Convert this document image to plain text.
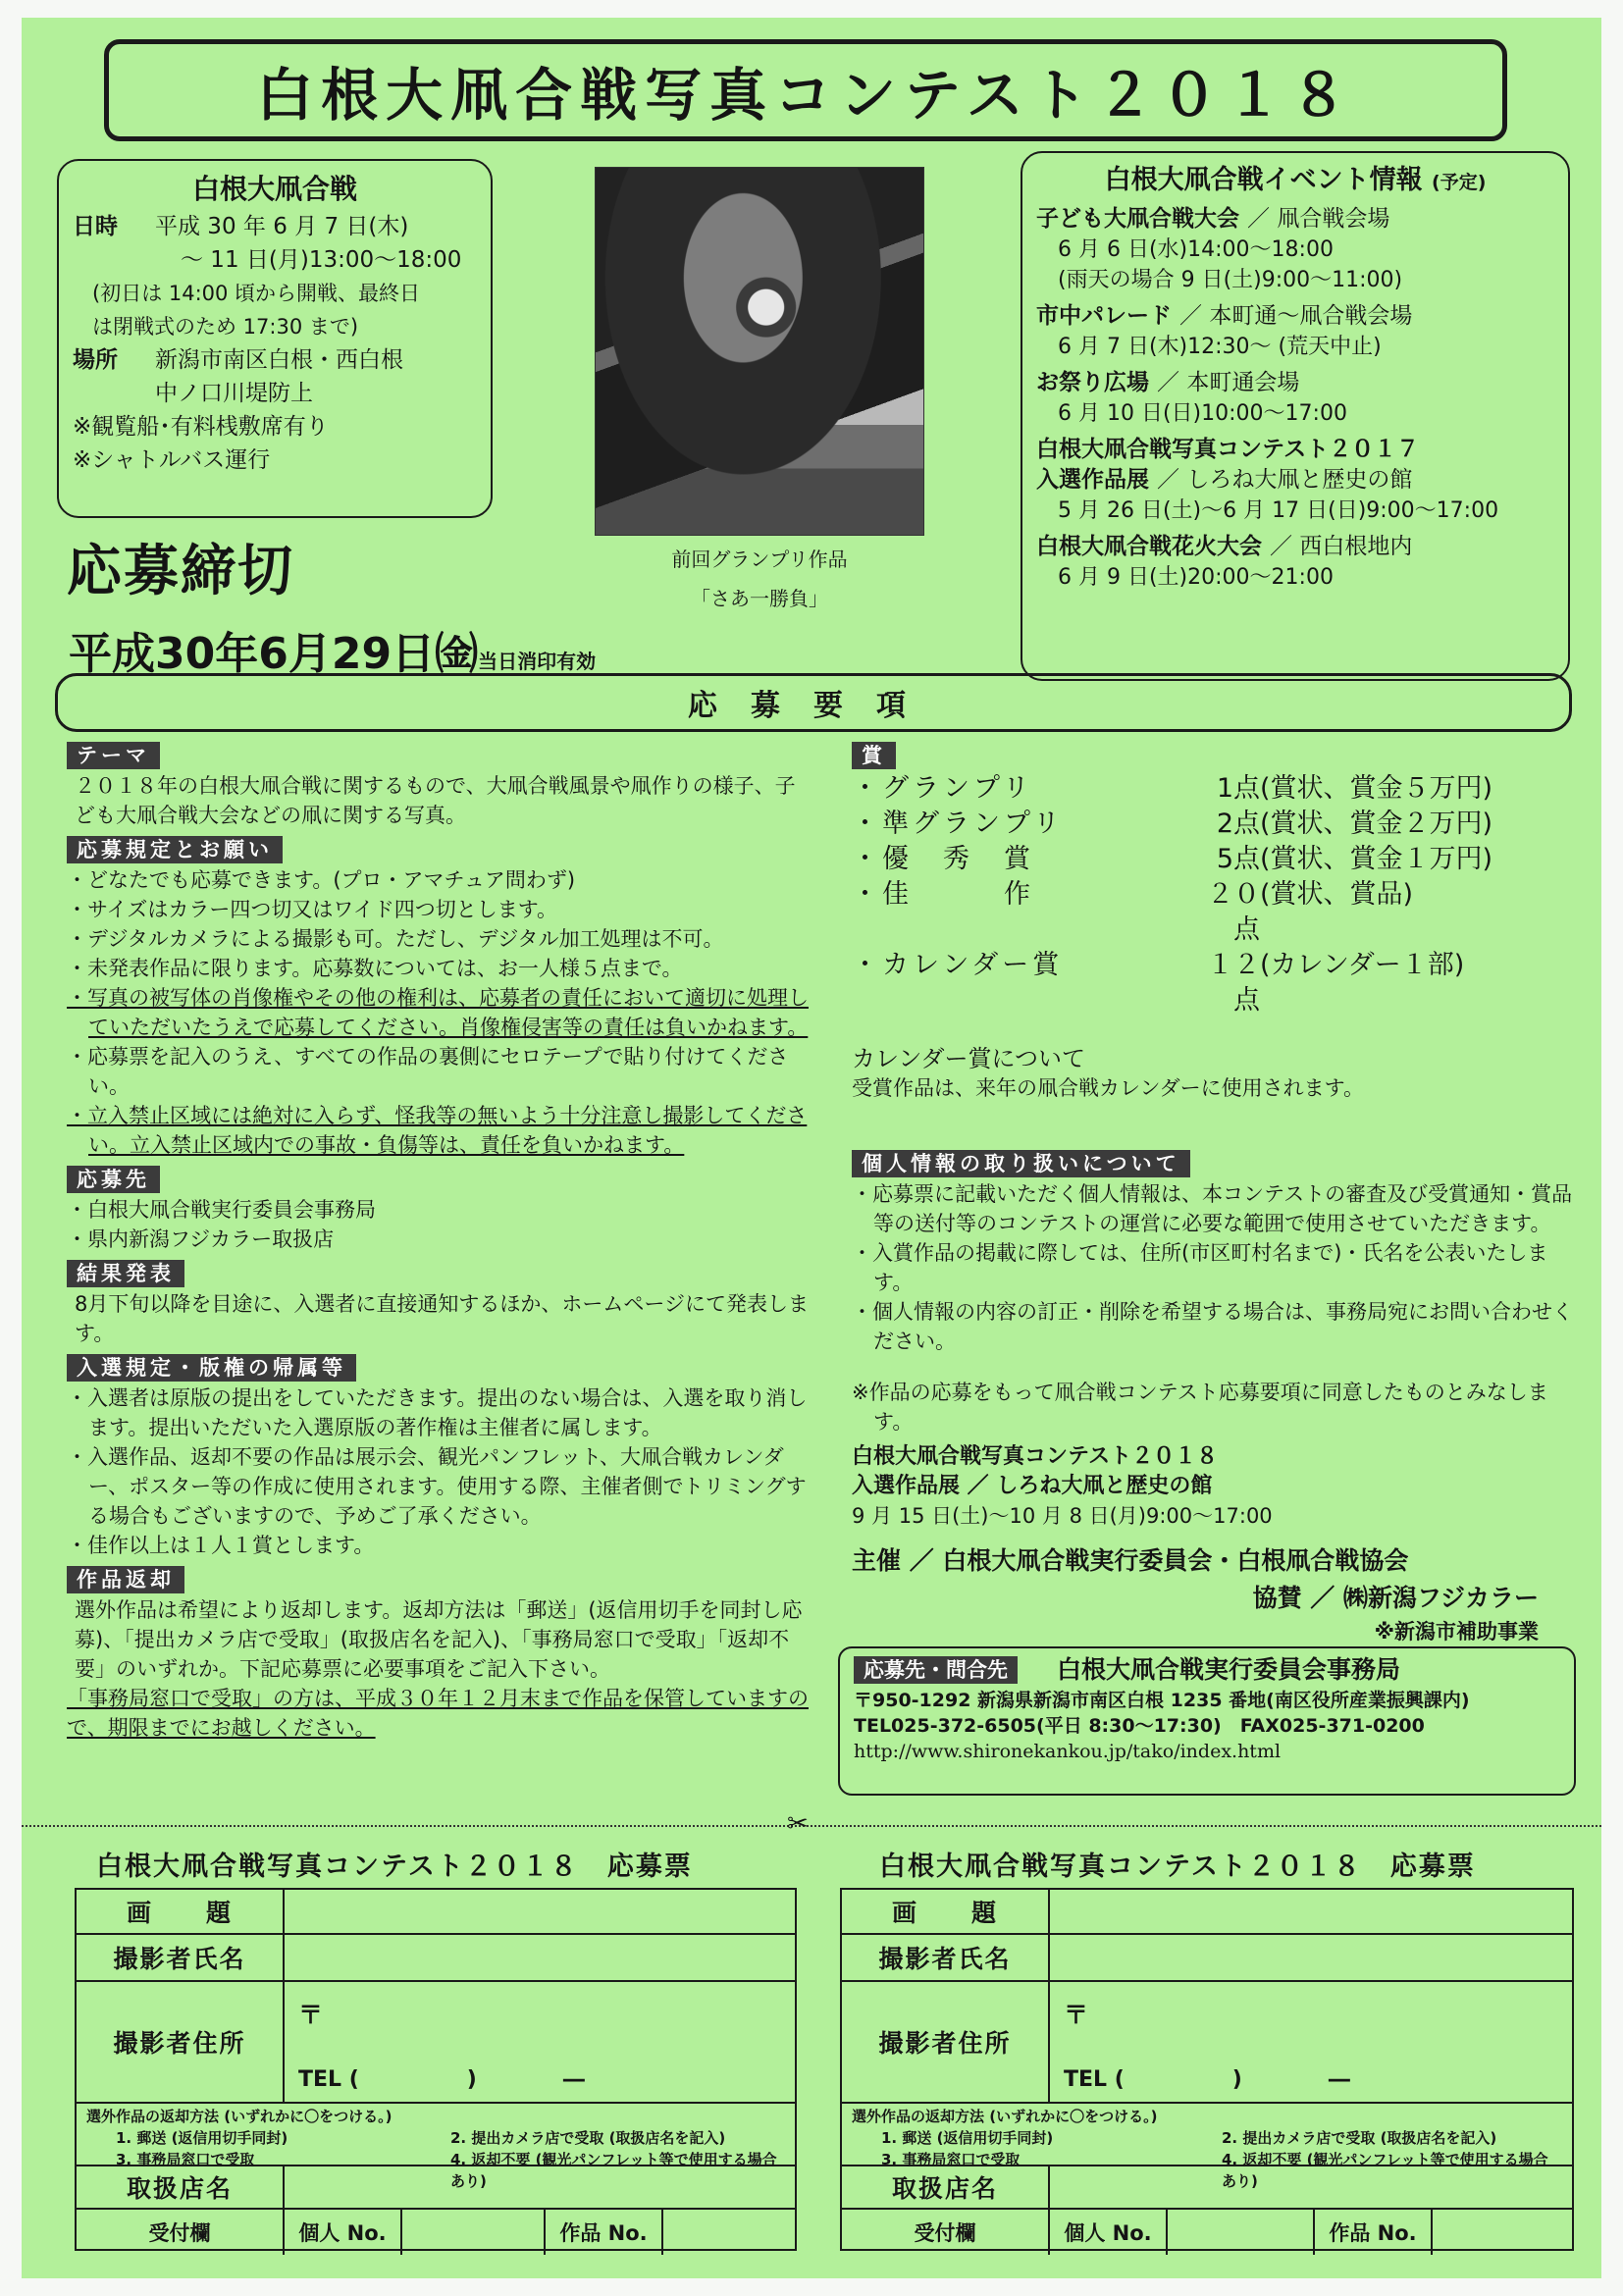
白根大凧合戦写真コンテスト２０１８
白根大凧合戦
日時	平成 30 年 6 月 7 日(木)
～ 11 日(月)13:00～18:00
(初日は 14:00 頃から開戦、最終日
は閉戦式のため 17:30 まで)
場所	新潟市南区白根・西白根
中ノ口川堤防上
※観覧船･有料桟敷席有り
※シャトルバス運行
前回グランプリ作品
「さあ一勝負」
白根大凧合戦イベント情報 (予定)
子ども大凧合戦大会 ／ 凧合戦会場
6 月 6 日(水)14:00～18:00
(雨天の場合 9 日(土)9:00～11:00)
市中パレード ／ 本町通～凧合戦会場
6 月 7 日(木)12:30～ (荒天中止)
お祭り広場 ／ 本町通会場
6 月 10 日(日)10:00～17:00
白根大凧合戦写真コンテスト２０１７
入選作品展 ／ しろね大凧と歴史の館
5 月 26 日(土)～6 月 17 日(日)9:00～17:00
白根大凧合戦花火大会 ／ 西白根地内
6 月 9 日(土)20:00～21:00
応募締切
平成30年6月29日㈮当日消印有効
応募要項
テーマ
２０１８年の白根大凧合戦に関するもので、大凧合戦風景や凧作りの様子、子ども大凧合戦大会などの凧に関する写真。
応募規定とお願い
・どなたでも応募できます。(プロ・アマチュア問わず)
・サイズはカラー四つ切又はワイド四つ切とします。
・デジタルカメラによる撮影も可。ただし、デジタル加工処理は不可。
・未発表作品に限ります。応募数については、お一人様５点まで。
・写真の被写体の肖像権やその他の権利は、応募者の責任において適切に処理していただいたうえで応募してください。肖像権侵害等の責任は負いかねます。
・応募票を記入のうえ、すべての作品の裏側にセロテープで貼り付けてください。
・立入禁止区域には絶対に入らず、怪我等の無いよう十分注意し撮影してください。立入禁止区域内での事故・負傷等は、責任を負いかねます。
応募先
・白根大凧合戦実行委員会事務局
・県内新潟フジカラー取扱店
結果発表
8月下旬以降を目途に、入選者に直接通知するほか、ホームページにて発表します。
入選規定・版権の帰属等
・入選者は原版の提出をしていただきます。提出のない場合は、入選を取り消します。提出いただいた入選原版の著作権は主催者に属します。
・入選作品、返却不要の作品は展示会、観光パンフレット、大凧合戦カレンダー、ポスター等の作成に使用されます。使用する際、主催者側でトリミングする場合もございますので、予めご了承ください。
・佳作以上は１人１賞とします。
作品返却
選外作品は希望により返却します。返却方法は「郵送」(返信用切手を同封し応募)、「提出カメラ店で受取」(取扱店名を記入)、「事務局窓口で受取」「返却不要」のいずれか。下記応募票に必要事項をご記入下さい。
「事務局窓口で受取」の方は、平成３０年１２月末まで作品を保管していますので、期限までにお越しください。
賞
・グランプリ	1点 (賞状、賞金５万円)
・準グランプリ	2点 (賞状、賞金２万円)
・優　秀　賞	5点 (賞状、賞金１万円)
・佳　　　作	２０点
(賞状、賞品)
・カレンダー賞	１２点
(カレンダー１部)
カレンダー賞について
受賞作品は、来年の凧合戦カレンダーに使用されます。
個人情報の取り扱いについて
・応募票に記載いただく個人情報は、本コンテストの審査及び受賞通知・賞品等の送付等のコンテストの運営に必要な範囲で使用させていただきます。
・入賞作品の掲載に際しては、住所(市区町村名まで)・氏名を公表いたします。
・個人情報の内容の訂正・削除を希望する場合は、事務局宛にお問い合わせください。
※作品の応募をもって凧合戦コンテスト応募要項に同意したものとみなします。
白根大凧合戦写真コンテスト２０１８
入選作品展 ／ しろね大凧と歴史の館
9 月 15 日(土)～10 月 8 日(月)9:00～17:00
主催 ／ 白根大凧合戦実行委員会・白根凧合戦協会
協賛 ／ ㈱新潟フジカラー
※新潟市補助事業
応募先・問合先	白根大凧合戦実行委員会事務局
〒950-1292 新潟県新潟市南区白根 1235 番地(南区役所産業振興課内)
TEL025-372-6505(平日 8:30～17:30)　FAX025-371-0200
http://www.shironekankou.jp/tako/index.html
✂
白根大凧合戦写真コンテスト２０１８　応募票
画　　題
撮影者氏名
撮影者住所
〒
TEL (　　　　　)　　　　―
選外作品の返却方法 (いずれかに〇をつける。)
1. 郵送 (返信用切手同封)	2. 提出カメラ店で受取 (取扱店名を記入)
3. 事務局窓口で受取	4. 返却不要 (観光パンフレット等で使用する場合あり)
取扱店名
受付欄	個人 No.	作品 No.
白根大凧合戦写真コンテスト２０１８　応募票
画　　題
撮影者氏名
撮影者住所
〒
TEL (　　　　　)　　　　―
選外作品の返却方法 (いずれかに〇をつける。)
1. 郵送 (返信用切手同封)	2. 提出カメラ店で受取 (取扱店名を記入)
3. 事務局窓口で受取	4. 返却不要 (観光パンフレット等で使用する場合あり)
取扱店名
受付欄	個人 No.	作品 No.
